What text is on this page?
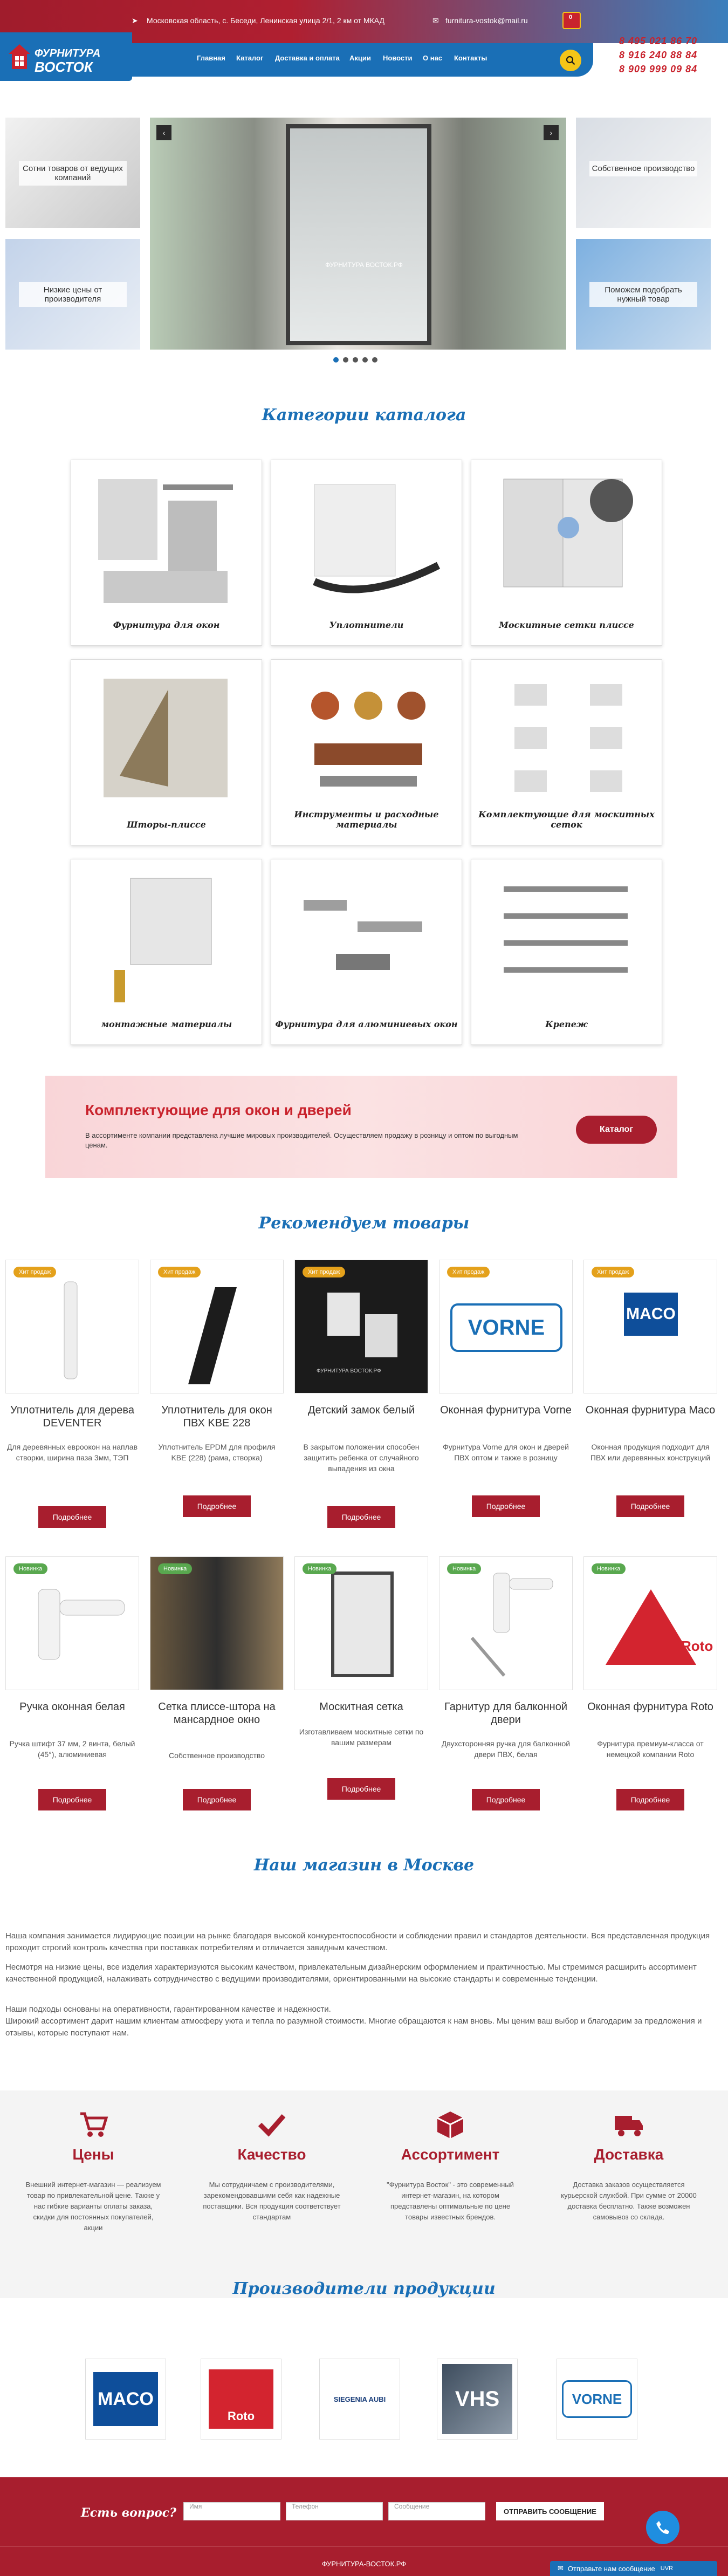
➤ Московская область, с. Беседи, Ленинская улица 2/1, 2 км от МКАД	✉ furnitura-vostok@mail.ru	0
ФУРНИТУРА
ВОСТОК
Главная Каталог Доставка и оплата Акции Новости О нас Контакты
8 495 021 86 70
8 916 240 88 84
8 909 999 09 84
Сотни товаров от ведущих компаний
Низкие цены от производителя
Собственное производство
Поможем подобрать нужный товар
ФУРНИТУРА ВОСТОК.РФ
‹	›
Категории каталога
Фурнитура для окон	Уплотнители	Москитные сетки плиссе
Шторы-плиссе
Инструменты и расходные материалы
Комплектующие для москитных сеток
монтажные материалы	Фурнитура для алюминиевых окон	Крепеж
Комплектующие для окон и дверей
В ассортименте компании представлена лучшие мировых производителей. Осуществляем продажу в розницу и оптом по выгодным ценам.
Каталог
Рекомендуем товары
Хит продаж	Хит продаж	Хит продаж
ФУРНИТУРА ВОСТОК.РФ
Хит продаж
VORNE
Хит продаж
MACO
Уплотнитель для дерева DEVENTER
Уплотнитель для окон ПВХ KBE 228
Детский замок белый	Оконная фурнитура Vorne Оконная фурнитура Maco
Для деревянных евроокон на наплав створки, ширина паза 3мм, ТЭП
Уплотнитель EPDM для профиля KBE (228) (рама, створка)
В закрытом положении способен защитить ребенка от случайного выпадения из окна
Фурнитура Vorne для окон и дверей ПВХ оптом и также в розницу
Оконная продукция подходит для ПВХ или деревянных конструкций
Подробнее
Подробнее
Подробнее
Подробнее	Подробнее
Новинка	Новинка	Новинка	Новинка	Новинка
Roto
Ручка оконная белая	Сетка плиссе-шторa на мансардное окно
Москитная сетка	Гарнитур для балконной двери
Оконная фурнитура Roto
Ручка штифт 37 мм, 2 винта, белый (45°), алюминиевая	Собственное производство
Изготавливаем москитные сетки по вашим размерам	Двухсторонняя ручка для балконной двери ПВХ, белая
Фурнитура премиум-класса от немецкой компании Roto
Подробнее	Подробнее
Подробнее
Подробнее	Подробнее
Наш магазин в Москве
Наша компания занимается лидирующие позиции на рынке благодаря высокой конкурентоспособности и соблюдении правил и стандартов деятельности. Вся представленная продукция проходит строгий контроль качества при поставках потребителям и отличается завидным качеством.
Несмотря на низкие цены, все изделия характеризуются высоким качеством, привлекательным дизайнерским оформлением и практичностью. Мы стремимся расширить ассортимент качественной продукцией, налаживать сотрудничество с ведущими производителями, ориентированными на высокие стандарты и современные тенденции.
Наши подходы основаны на оперативности, гарантированном качестве и надежности.
Широкий ассортимент дарит нашим клиентам атмосферу уюта и тепла по разумной стоимости. Многие обращаются к нам вновь. Мы ценим ваш выбор и благодарим за предложения и отзывы, которые поступают нам.
Цены	Качество	Ассортимент	Доставка
Внешний интернет-магазин — реализуем товар по привлекательной цене. Также у нас гибкие варианты оплаты заказа, скидки для постоянных покупателей, акции
Мы сотрудничаем с производителями, зарекомендовавшими себя как надежные поставщики. Вся продукция соответствует стандартам
"Фурнитура Восток" - это современный интернет-магазин, на котором представлены оптимальные по цене товары известных брендов.
Доставка заказов осуществляется курьерской службой. При сумме от 20000 доставка бесплатно. Также возможен самовывоз со склада.
Производители продукции
MACO
Roto
SIEGENIA AUBI	VHS	VORNE
Есть вопрос?	Имя	Телефон	Сообщение
ОТПРАВИТЬ СООБЩЕНИЕ
ФУРНИТУРА-ВОСТОК.РФ
✉ Отправьте нам сообщение UVR
